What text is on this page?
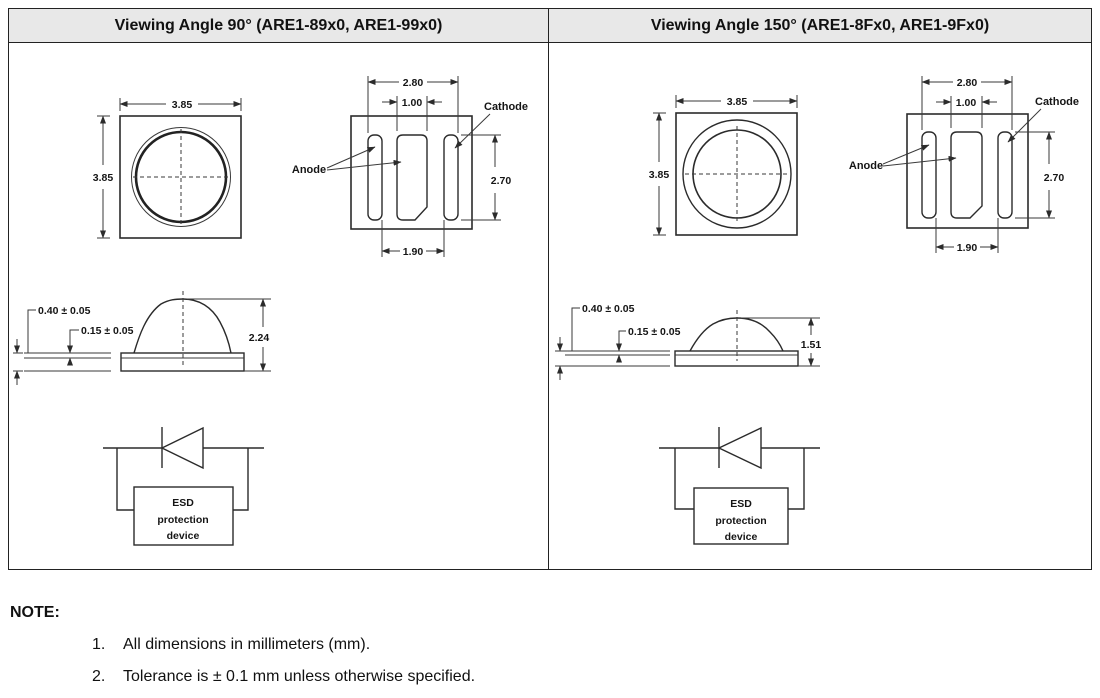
Viewing Angle 90° (ARE1-89x0, ARE1-99x0)
3.85
3.85
2.80
1.00
2.70
1.90
Cathode
Anode
0.40 ± 0.05
0.15 ± 0.05
2.24
ESD
protection
device
Viewing Angle 150° (ARE1-8Fx0, ARE1-9Fx0)
3.85
3.85
2.80
1.00
2.70
1.90
Cathode
Anode
0.40 ± 0.05
0.15 ± 0.05
1.51
ESD
protection
device
NOTE:
1. All dimensions in millimeters (mm).
2. Tolerance is ± 0.1 mm unless otherwise specified.
